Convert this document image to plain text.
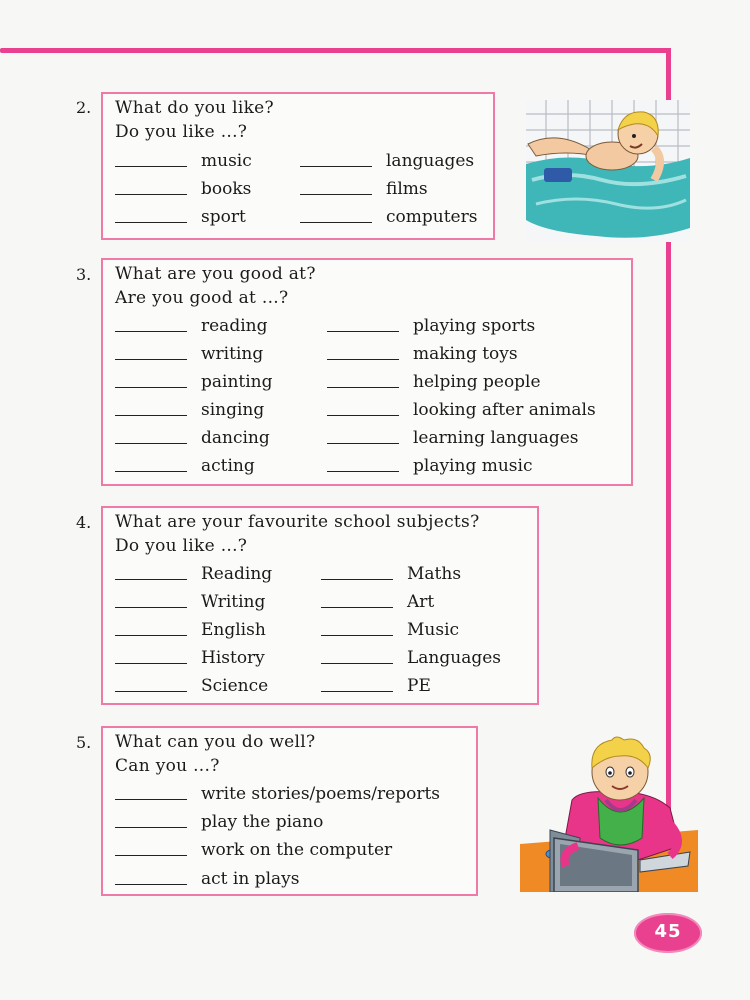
2. What do you like?
Do you like ...?
music
books
sport
languages
films
computers
3. What are you good at?
Are you good at ...?
reading
writing
painting
singing
dancing
acting
playing sports
making toys
helping people
looking after animals
learning languages
playing music
4. What are your favourite school subjects?
Do you like ...?
Reading
Writing
English
History
Science
Maths
Art
Music
Languages
PE
5. What can you do well?
Can you ...?
write stories/poems/reports
play the piano
work on the computer
act in plays
45
